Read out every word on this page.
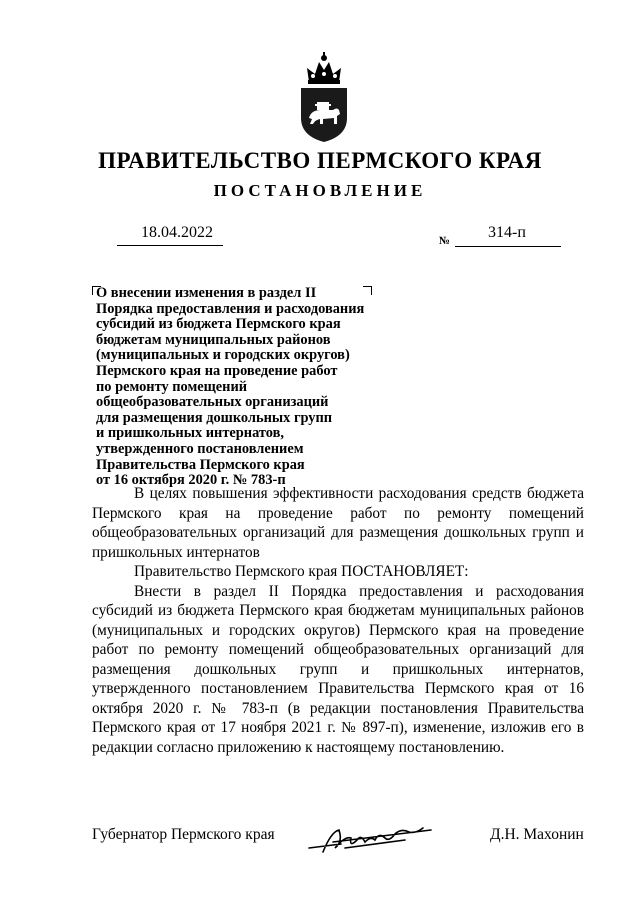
ПРАВИТЕЛЬСТВО ПЕРМСКОГО КРАЯ
ПОСТАНОВЛЕНИЕ
18.04.2022	№ 314-п
О внесении изменения в раздел II
Порядка предоставления и расходования
субсидий из бюджета Пермского края
бюджетам муниципальных районов
(муниципальных и городских округов)
Пермского края на проведение работ
по ремонту помещений
общеобразовательных организаций
для размещения дошкольных групп
и пришкольных интернатов,
утвержденного постановлением
Правительства Пермского края
от 16 октября 2020 г. № 783-п

В целях повышения эффективности расходования средств бюджета Пермского края на проведение работ по ремонту помещений общеобразовательных организаций для размещения дошкольных групп и пришкольных интернатов

Правительство Пермского края ПОСТАНОВЛЯЕТ:

Внести в раздел II Порядка предоставления и расходования субсидий из бюджета Пермского края бюджетам муниципальных районов (муниципальных и городских округов) Пермского края на проведение работ по ремонту помещений общеобразовательных организаций для размещения дошкольных групп и пришкольных интернатов, утвержденного постановлением Правительства Пермского края от 16 октября 2020 г. № 783-п (в редакции постановления Правительства Пермского края от 17 ноября 2021 г. № 897-п), изменение, изложив его в редакции согласно приложению к настоящему постановлению.

Губернатор Пермского края	Д.Н. Махонин
